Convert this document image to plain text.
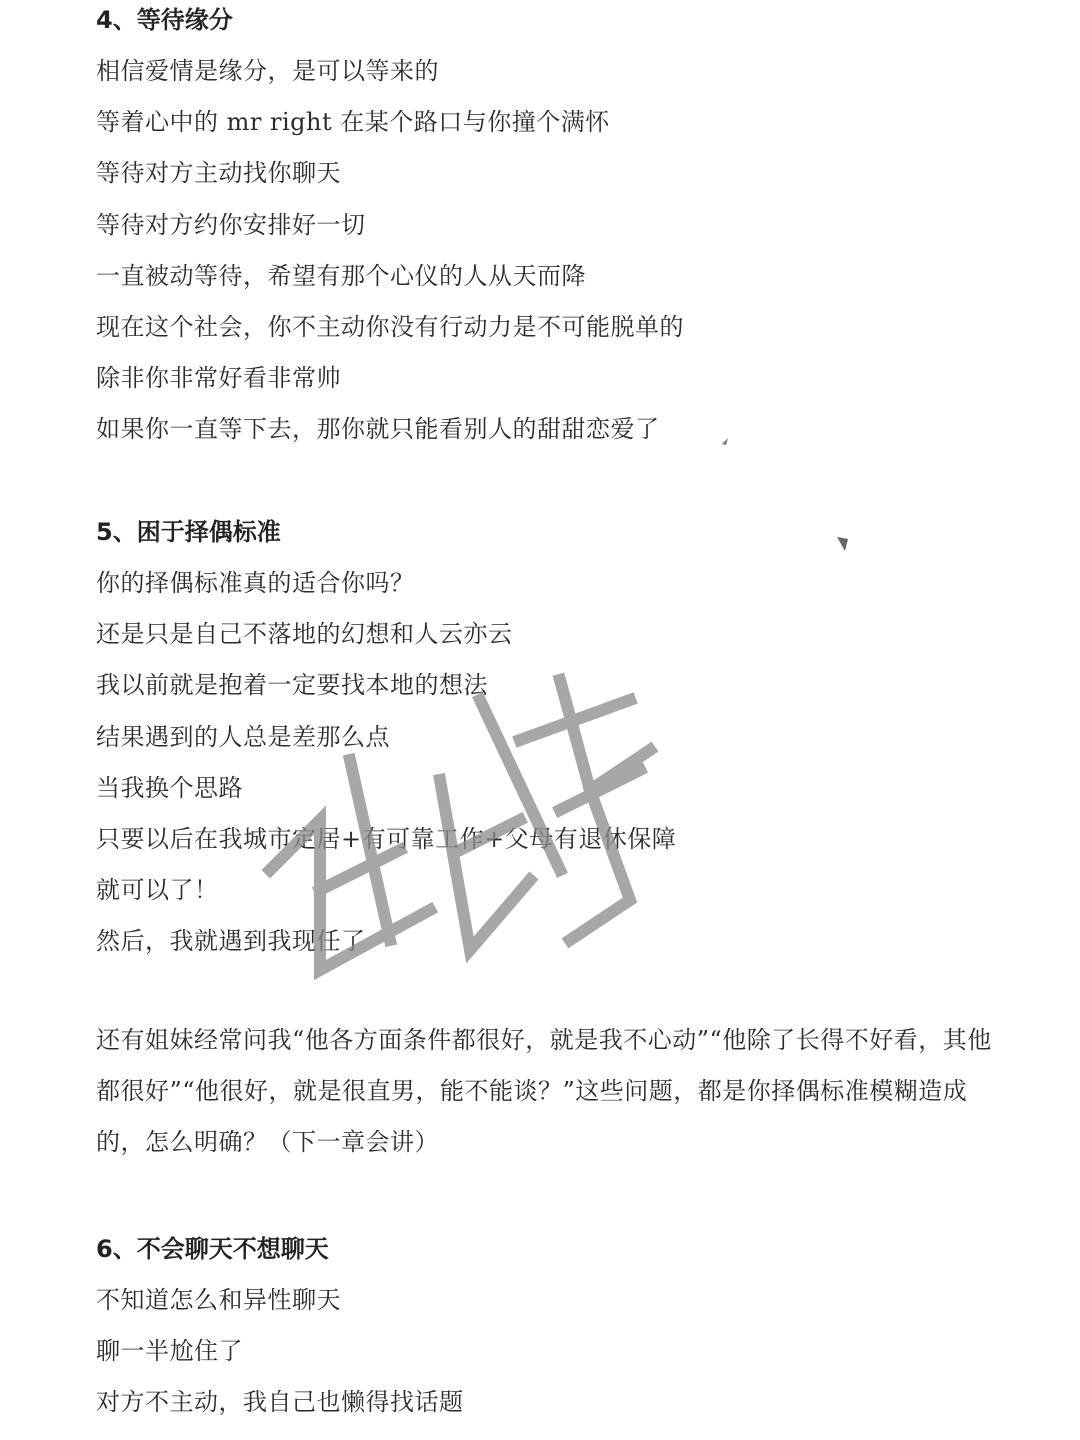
4、等待缘分
相信爱情是缘分，是可以等来的
等着心中的 mr right 在某个路口与你撞个满怀
等待对方主动找你聊天
等待对方约你安排好一切
一直被动等待，希望有那个心仪的人从天而降
现在这个社会，你不主动你没有行动力是不可能脱单的
除非你非常好看非常帅
如果你一直等下去，那你就只能看别人的甜甜恋爱了
5、困于择偶标准
你的择偶标准真的适合你吗？
还是只是自己不落地的幻想和人云亦云
我以前就是抱着一定要找本地的想法
结果遇到的人总是差那么点
当我换个思路
只要以后在我城市定居+有可靠工作+父母有退休保障
就可以了！
然后，我就遇到我现任了

还有姐妹经常问我“他各方面条件都很好，就是我不心动”“他除了长得不好看，其他都很好”“他很好，就是很直男，能不能谈？”这些问题，都是你择偶标准模糊造成的，怎么明确？（下一章会讲）

6、不会聊天不想聊天
不知道怎么和异性聊天
聊一半尬住了
对方不主动，我自己也懒得找话题
